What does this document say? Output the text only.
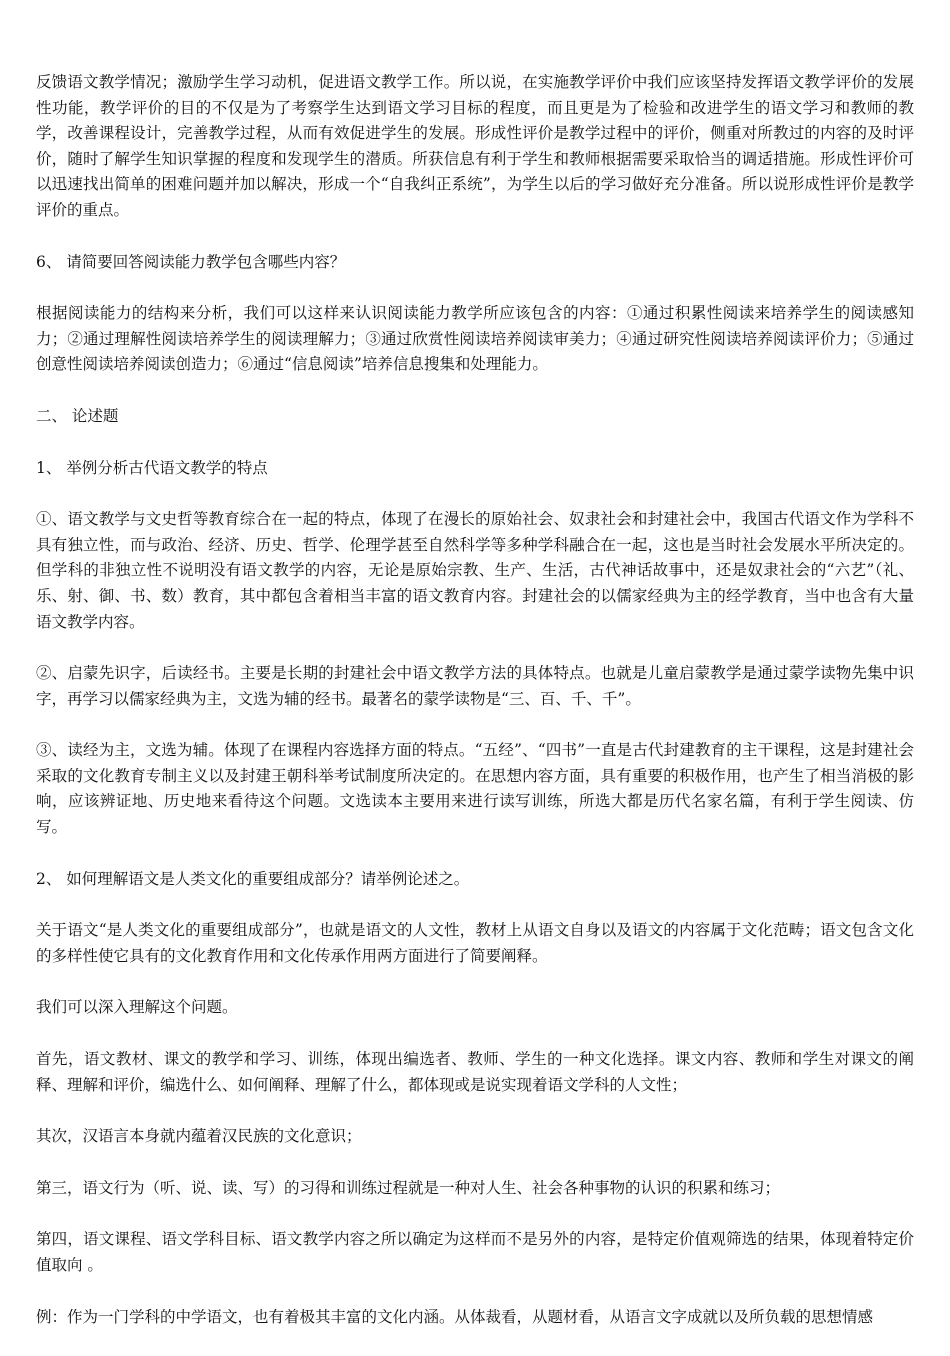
反馈语文教学情况；激励学生学习动机，促进语文教学工作。所以说，在实施教学评价中我们应该坚持发挥语文教学评价的发展性功能，教学评价的目的不仅是为了考察学生达到语文学习目标的程度，而且更是为了检验和改进学生的语文学习和教师的教学，改善课程设计，完善教学过程，从而有效促进学生的发展。形成性评价是教学过程中的评价，侧重对所教过的内容的及时评价，随时了解学生知识掌握的程度和发现学生的潜质。所获信息有利于学生和教师根据需要采取恰当的调适措施。形成性评价可以迅速找出简单的困难问题并加以解决，形成一个“自我纠正系统”，为学生以后的学习做好充分准备。所以说形成性评价是教学评价的重点。

6、 请简要回答阅读能力教学包含哪些内容？

根据阅读能力的结构来分析，我们可以这样来认识阅读能力教学所应该包含的内容：①通过积累性阅读来培养学生的阅读感知力；②通过理解性阅读培养学生的阅读理解力；③通过欣赏性阅读培养阅读审美力；④通过研究性阅读培养阅读评价力；⑤通过创意性阅读培养阅读创造力；⑥通过“信息阅读”培养信息搜集和处理能力。

二、 论述题

1、 举例分析古代语文教学的特点

①、语文教学与文史哲等教育综合在一起的特点，体现了在漫长的原始社会、奴隶社会和封建社会中，我国古代语文作为学科不具有独立性，而与政治、经济、历史、哲学、伦理学甚至自然科学等多种学科融合在一起，这也是当时社会发展水平所决定的。但学科的非独立性不说明没有语文教学的内容，无论是原始宗教、生产、生活，古代神话故事中，还是奴隶社会的“六艺”（礼、乐、射、御、书、数）教育，其中都包含着相当丰富的语文教育内容。封建社会的以儒家经典为主的经学教育，当中也含有大量语文教学内容。

②、启蒙先识字，后读经书。主要是长期的封建社会中语文教学方法的具体特点。也就是儿童启蒙教学是通过蒙学读物先集中识字，再学习以儒家经典为主，文选为辅的经书。最著名的蒙学读物是“三、百、千、千”。

③、读经为主，文选为辅。体现了在课程内容选择方面的特点。“五经”、“四书”一直是古代封建教育的主干课程，这是封建社会采取的文化教育专制主义以及封建王朝科举考试制度所决定的。在思想内容方面，具有重要的积极作用，也产生了相当消极的影响，应该辨证地、历史地来看待这个问题。文选读本主要用来进行读写训练，所选大都是历代名家名篇，有利于学生阅读、仿写。

2、 如何理解语文是人类文化的重要组成部分？请举例论述之。

关于语文“是人类文化的重要组成部分”，也就是语文的人文性，教材上从语文自身以及语文的内容属于文化范畴；语文包含文化的多样性使它具有的文化教育作用和文化传承作用两方面进行了简要阐释。

我们可以深入理解这个问题。

首先，语文教材、课文的教学和学习、训练，体现出编选者、教师、学生的一种文化选择。课文内容、教师和学生对课文的阐释、理解和评价，编选什么、如何阐释、理解了什么，都体现或是说实现着语文学科的人文性；

其次，汉语言本身就内蕴着汉民族的文化意识；

第三，语文行为（听、说、读、写）的习得和训练过程就是一种对人生、社会各种事物的认识的积累和练习；

第四，语文课程、语文学科目标、语文教学内容之所以确定为这样而不是另外的内容，是特定价值观筛选的结果，体现着特定价值取向 。

例：作为一门学科的中学语文，也有着极其丰富的文化内涵。从体裁看，从题材看，从语言文字成就以及所负载的思想情感
